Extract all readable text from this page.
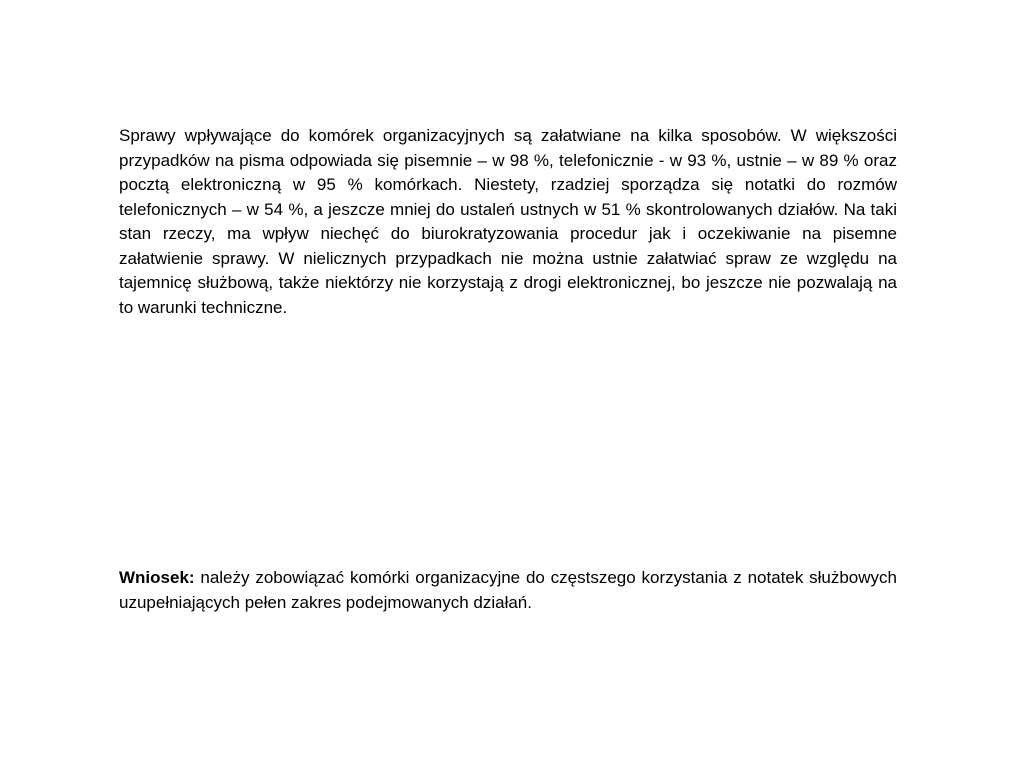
Sprawy wpływające do komórek organizacyjnych są załatwiane na kilka sposobów. W większości przypadków na pisma odpowiada się pisemnie – w 98 %, telefonicznie - w 93 %, ustnie – w 89 % oraz pocztą elektroniczną w 95 % komórkach. Niestety, rzadziej sporządza się notatki do rozmów telefonicznych – w 54 %, a jeszcze mniej do ustaleń ustnych w 51 % skontrolowanych działów. Na taki stan rzeczy, ma wpływ niechęć do biurokratyzowania procedur jak i oczekiwanie na pisemne załatwienie sprawy. W nielicznych przypadkach nie można ustnie załatwiać spraw ze względu na tajemnicę służbową, także niektórzy nie korzystają z drogi elektronicznej, bo jeszcze nie pozwalają na to warunki techniczne.

Wniosek: należy zobowiązać komórki organizacyjne do częstszego korzystania z notatek służbowych uzupełniających pełen zakres podejmowanych działań.
